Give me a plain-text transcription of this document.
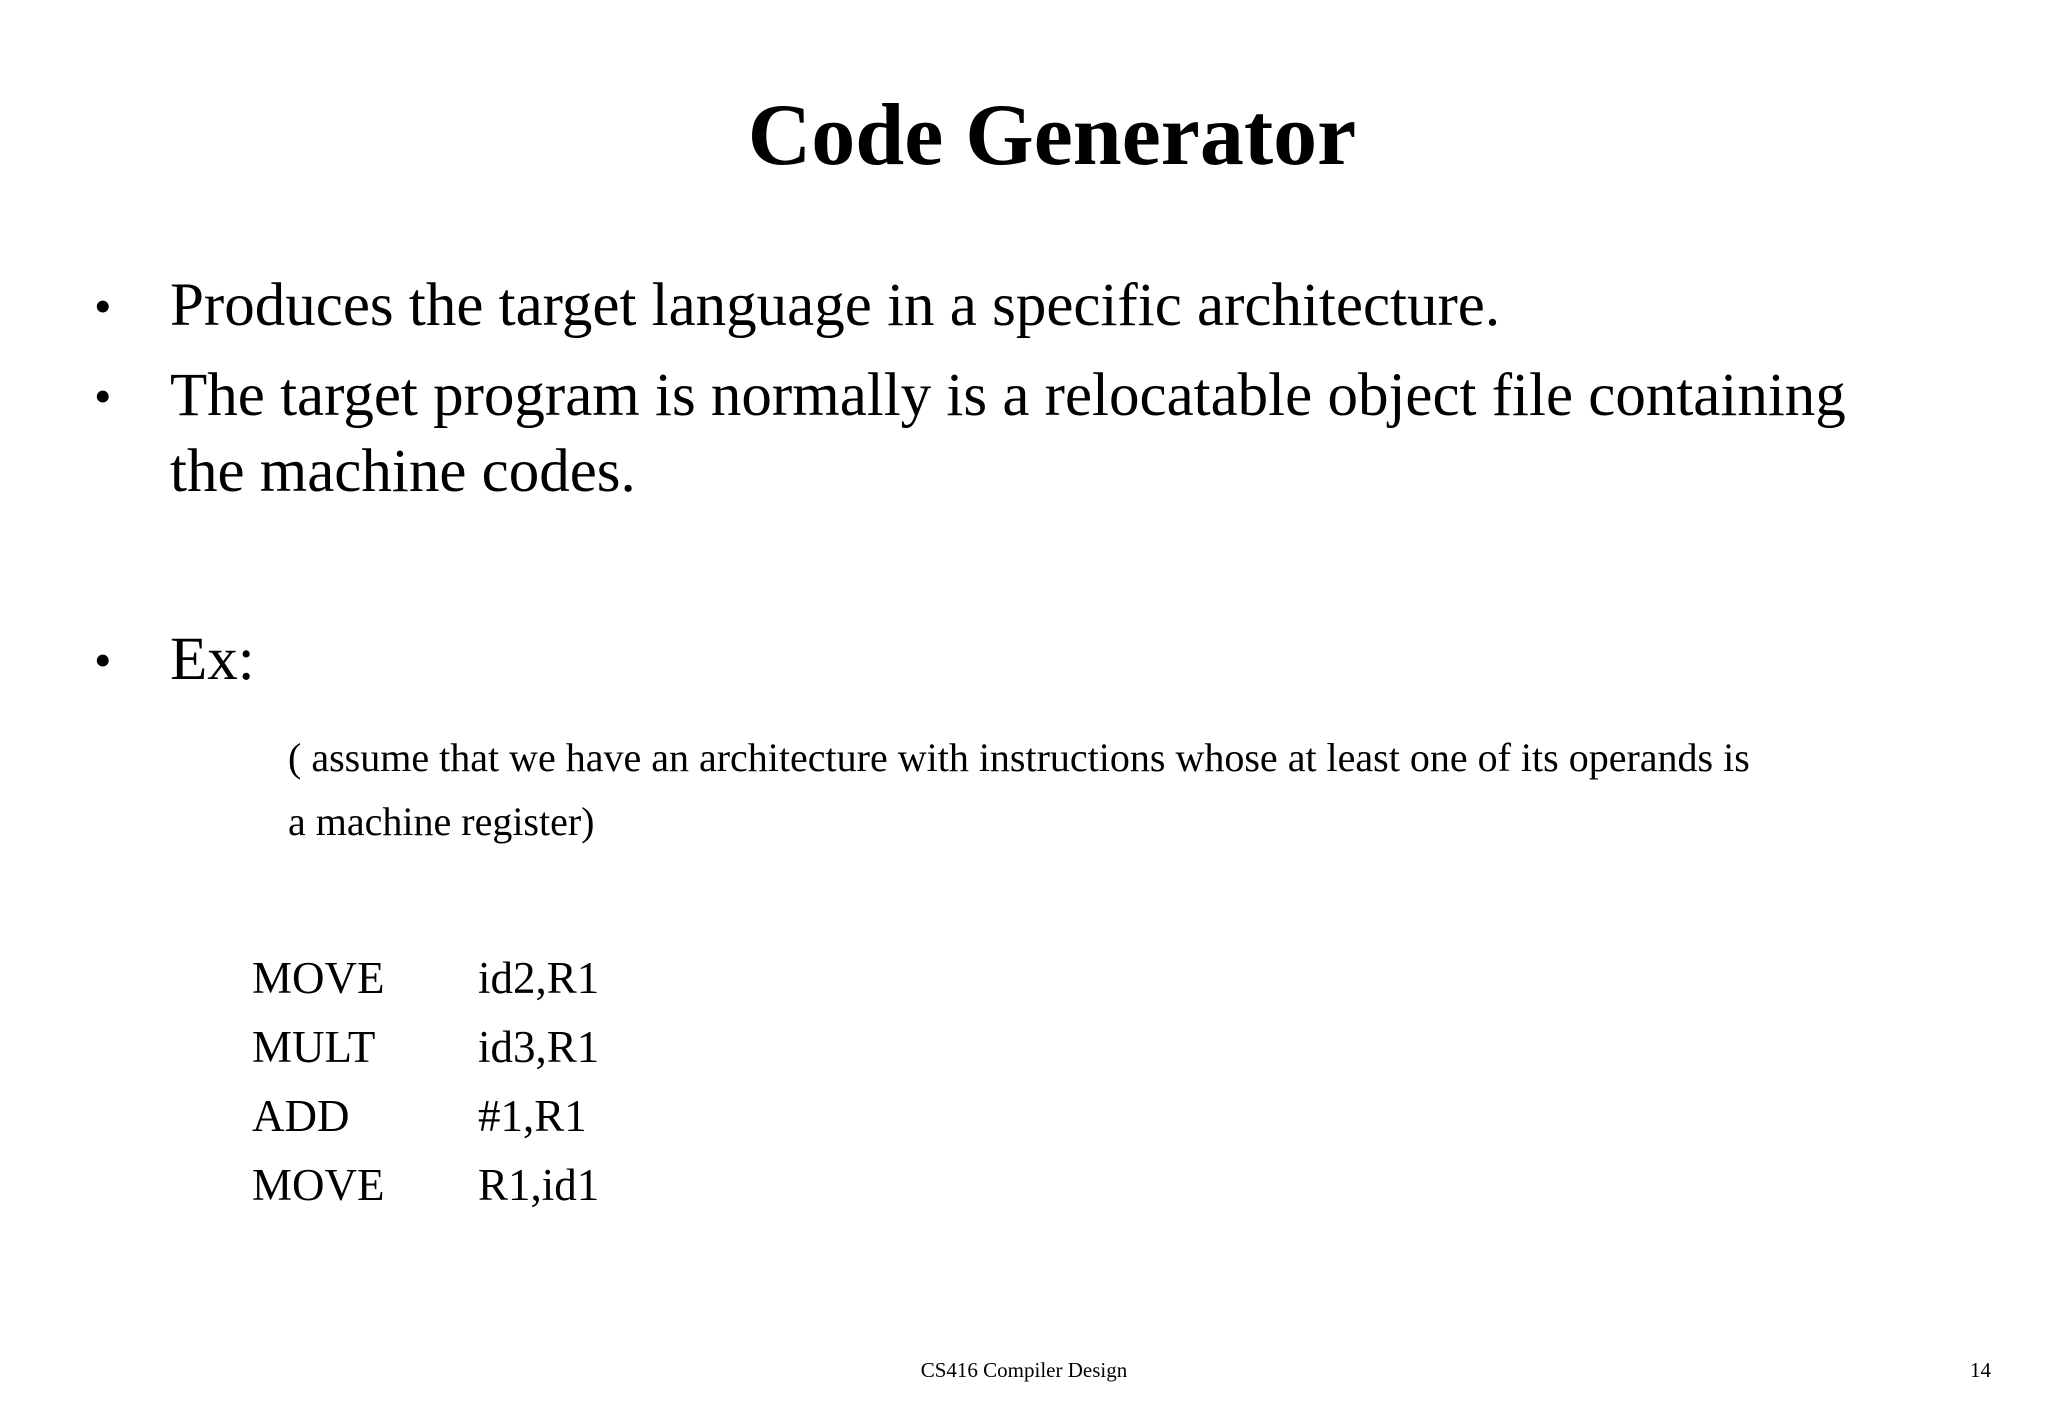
Code Generator
• Produces the target language in a specific architecture.
• The target program is normally is a relocatable object file containing
the machine codes.
• Ex:
( assume that we have an architecture with instructions whose at least one of its operands is
a machine register)
MOVE id2,R1
MULT id3,R1
ADD	#1,R1
MOVE R1,id1
CS416 Compiler Design	14
